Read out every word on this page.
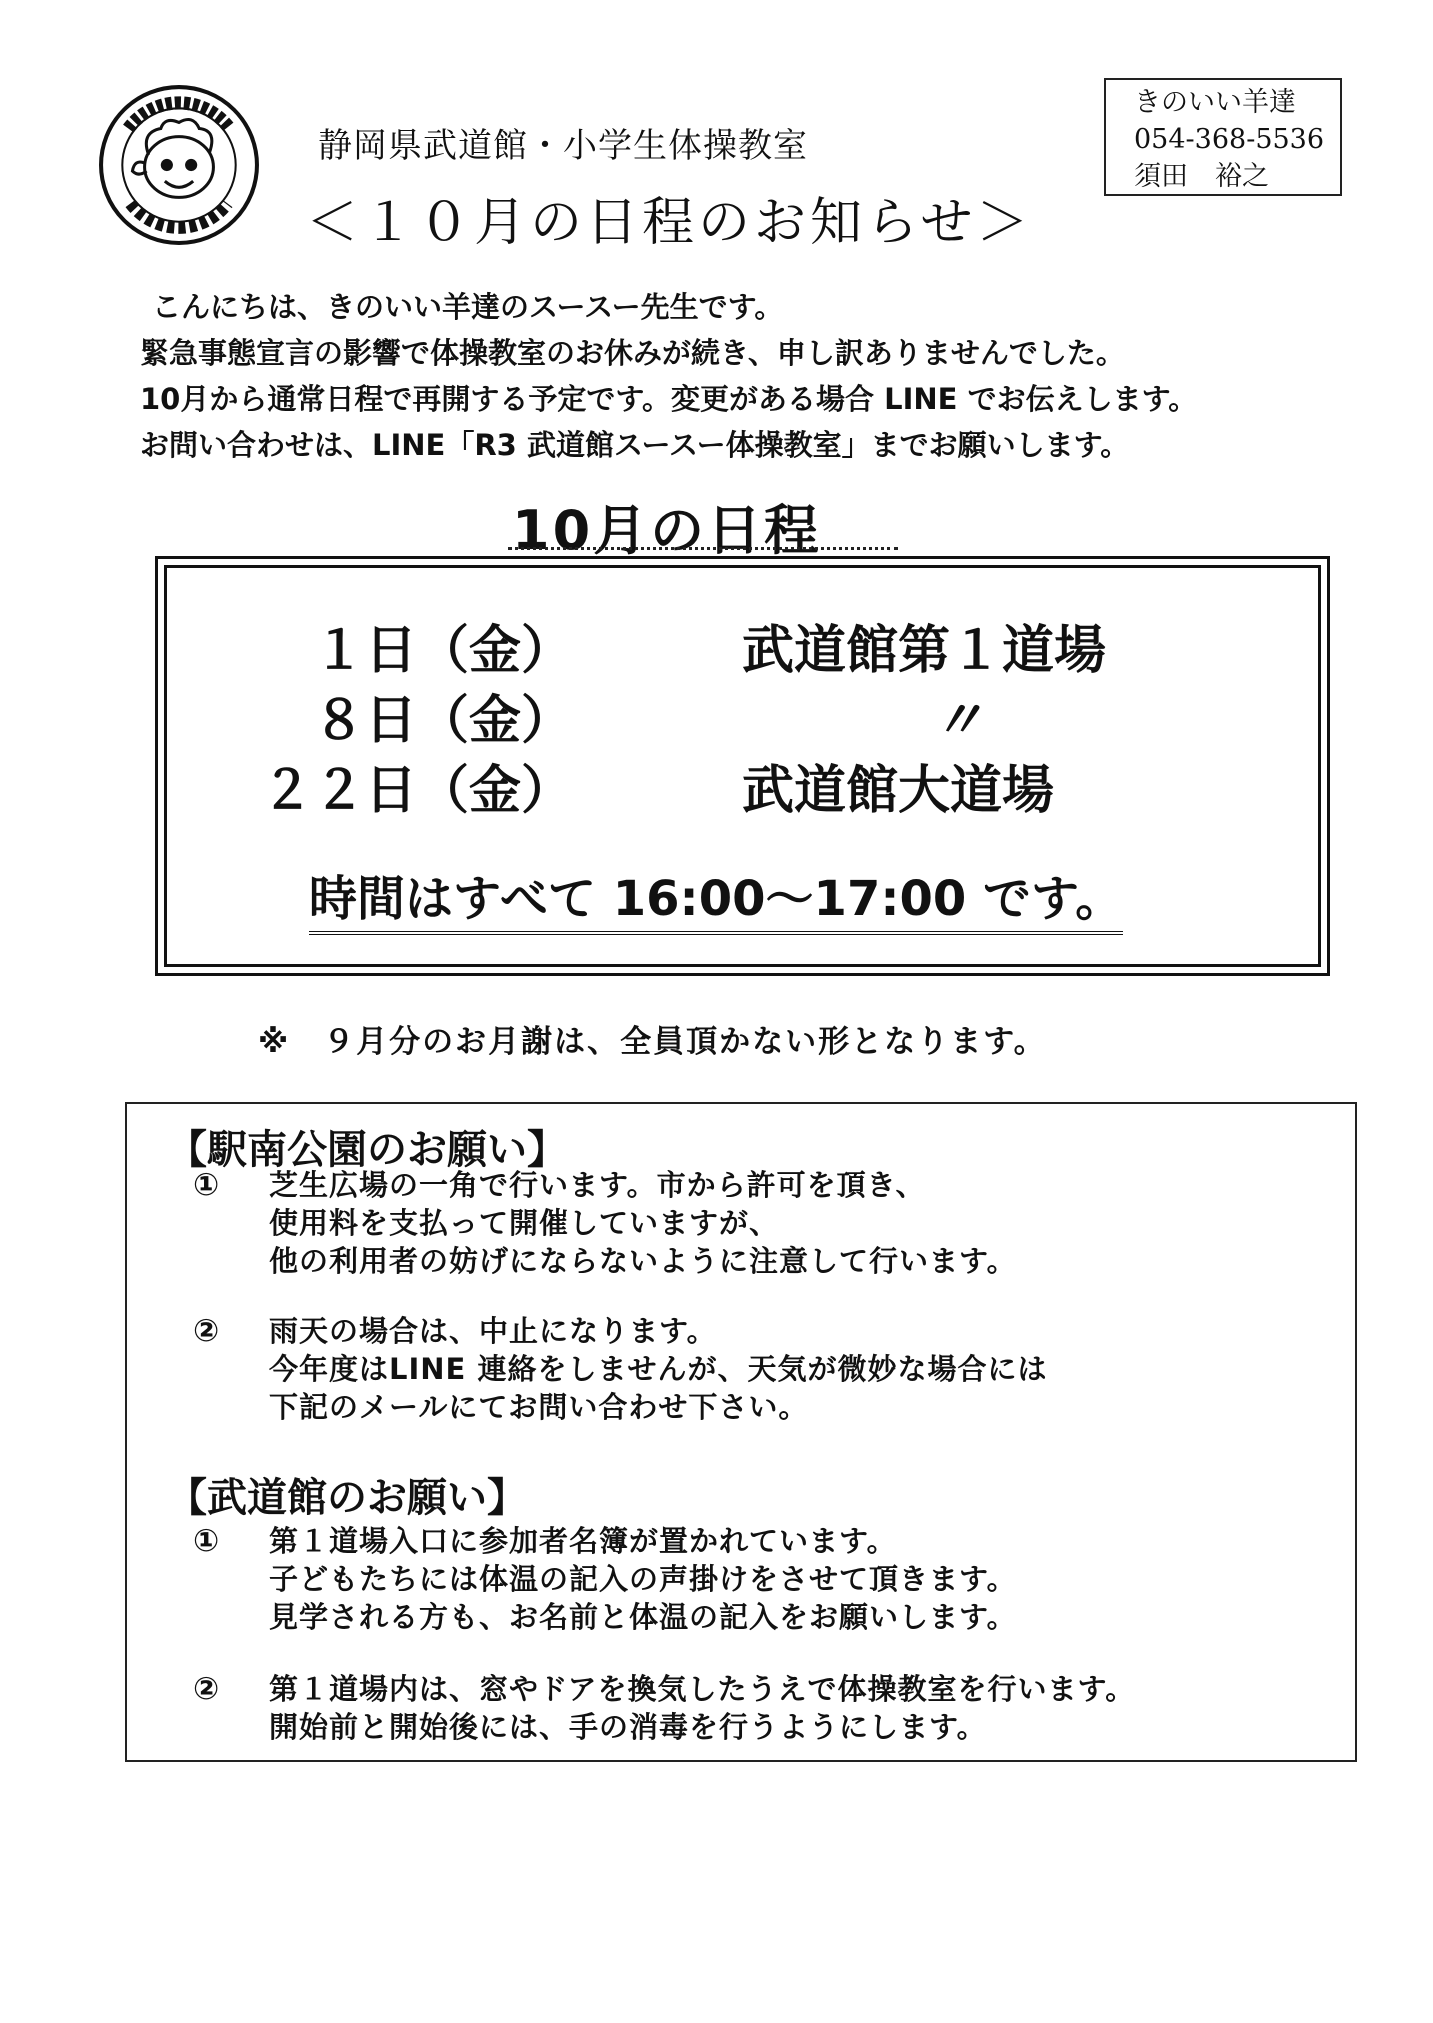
静岡県武道館・小学生体操教室
＜１０月の日程のお知らせ＞
きのいい羊達
054-368-5536
須田　裕之
こんにちは、きのいい羊達のスースー先生です。
緊急事態宣言の影響で体操教室のお休みが続き、申し訳ありませんでした。
10月から通常日程で再開する予定です。変更がある場合 LINE でお伝えします。
お問い合わせは、LINE「R3 武道館スースー体操教室」までお願いします。
10月の日程
１日（金）	武道館第１道場
８日（金）	〃
２２日（金）	武道館大道場
時間はすべて 16:00～17:00 です。
※　９月分のお月謝は、全員頂かない形となります。
【駅南公園のお願い】
① 芝生広場の一角で行います。市から許可を頂き、
使用料を支払って開催していますが、
他の利用者の妨げにならないように注意して行います。
② 雨天の場合は、中止になります。
今年度はLINE 連絡をしませんが、天気が微妙な場合には
下記のメールにてお問い合わせ下さい。
【武道館のお願い】
① 第１道場入口に参加者名簿が置かれています。
子どもたちには体温の記入の声掛けをさせて頂きます。
見学される方も、お名前と体温の記入をお願いします。
② 第１道場内は、窓やドアを換気したうえで体操教室を行います。
開始前と開始後には、手の消毒を行うようにします。
